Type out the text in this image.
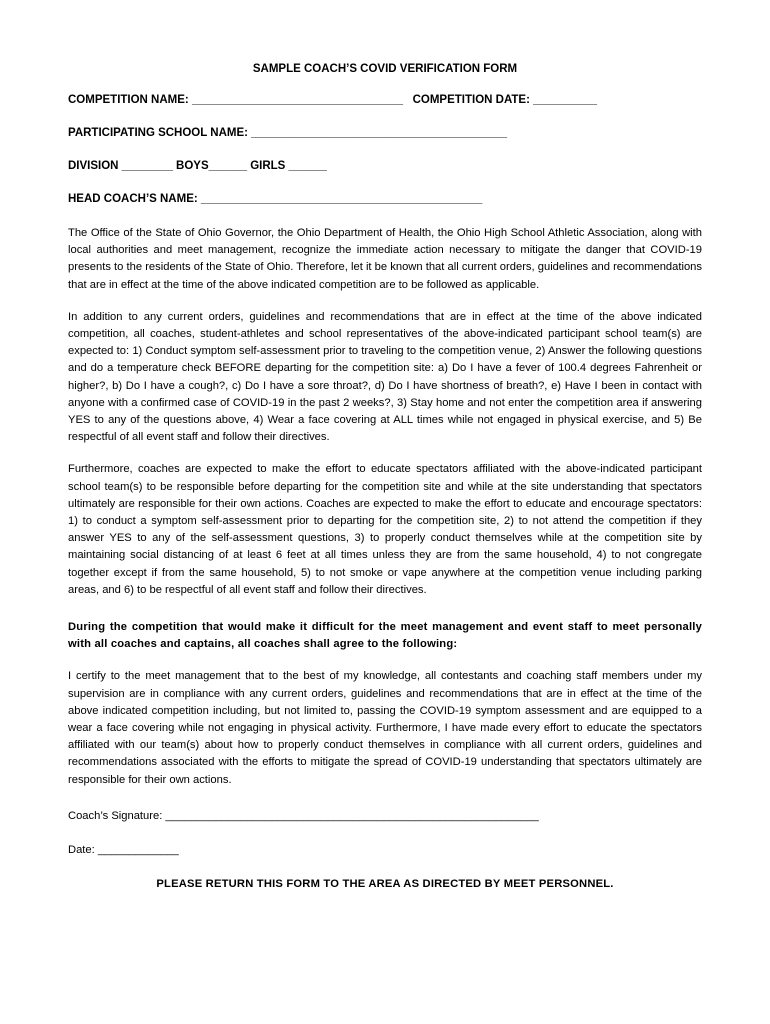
SAMPLE COACH’S COVID VERIFICATION FORM
COMPETITION NAME: _________________________________ COMPETITION DATE: __________
PARTICIPATING SCHOOL NAME: ________________________________________
DIVISION ________ BOYS______ GIRLS ______
HEAD COACH’S NAME: ____________________________________________

The Office of the State of Ohio Governor, the Ohio Department of Health, the Ohio High School Athletic Association, along with local authorities and meet management, recognize the immediate action necessary to mitigate the danger that COVID-19 presents to the residents of the State of Ohio. Therefore, let it be known that all current orders, guidelines and recommendations that are in effect at the time of the above indicated competition are to be followed as applicable.

In addition to any current orders, guidelines and recommendations that are in effect at the time of the above indicated competition, all coaches, student-athletes and school representatives of the above-indicated participant school team(s) are expected to: 1) Conduct symptom self-assessment prior to traveling to the competition venue, 2) Answer the following questions and do a temperature check BEFORE departing for the competition site: a) Do I have a fever of 100.4 degrees Fahrenheit or higher?, b) Do I have a cough?, c) Do I have a sore throat?, d) Do I have shortness of breath?, e) Have I been in contact with anyone with a confirmed case of COVID-19 in the past 2 weeks?, 3) Stay home and not enter the competition area if answering YES to any of the questions above, 4) Wear a face covering at ALL times while not engaged in physical exercise, and 5) Be respectful of all event staff and follow their directives.

Furthermore, coaches are expected to make the effort to educate spectators affiliated with the above-indicated participant school team(s) to be responsible before departing for the competition site and while at the site understanding that spectators ultimately are responsible for their own actions. Coaches are expected to make the effort to educate and encourage spectators: 1) to conduct a symptom self-assessment prior to departing for the competition site, 2) to not attend the competition if they answer YES to any of the self-assessment questions, 3) to properly conduct themselves while at the competition site by maintaining social distancing of at least 6 feet at all times unless they are from the same household, 4) to not congregate together except if from the same household, 5) to not smoke or vape anywhere at the competition venue including parking areas, and 6) to be respectful of all event staff and follow their directives.

During the competition that would make it difficult for the meet management and event staff to meet personally with all coaches and captains, all coaches shall agree to the following:

I certify to the meet management that to the best of my knowledge, all contestants and coaching staff members under my supervision are in compliance with any current orders, guidelines and recommendations that are in effect at the time of the above indicated competition including, but not limited to, passing the COVID-19 symptom assessment and are equipped to a wear a face covering while not engaging in physical activity. Furthermore, I have made every effort to educate the spectators affiliated with our team(s) about how to properly conduct themselves in compliance with all current orders, guidelines and recommendations associated with the efforts to mitigate the spread of COVID-19 understanding that spectators ultimately are responsible for their own actions.

Coach’s Signature: ____________________________________________________________
Date: _____________
PLEASE RETURN THIS FORM TO THE AREA AS DIRECTED BY MEET PERSONNEL.
